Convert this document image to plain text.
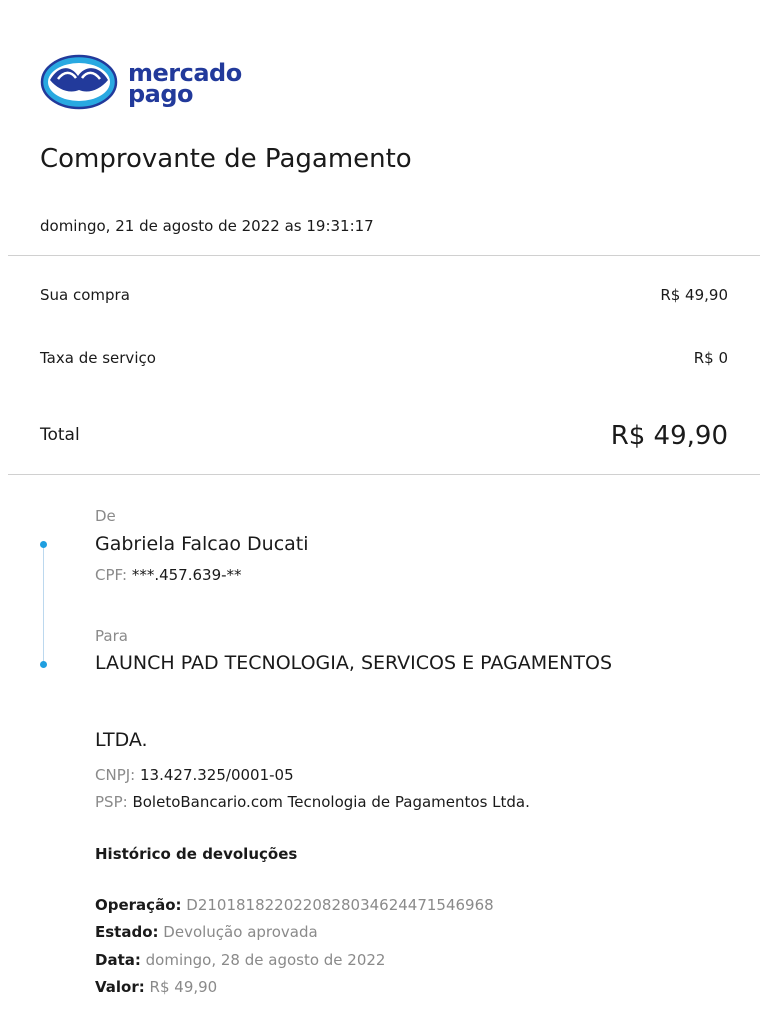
mercado
pago
Comprovante de Pagamento
domingo, 21 de agosto de 2022 as 19:31:17
Sua compra	R$ 49,90
Taxa de serviço	R$ 0
Total	R$ 49,90
De
Gabriela Falcao Ducati
CPF: ***.457.639-**
Para
LAUNCH PAD TECNOLOGIA, SERVICOS E PAGAMENTOS
LTDA.
CNPJ: 13.427.325/0001-05
PSP: BoletoBancario.com Tecnologia de Pagamentos Ltda.
Histórico de devoluções
Operação: D2101818220220828034624471546968
Estado: Devolução aprovada
Data: domingo, 28 de agosto de 2022
Valor: R$ 49,90
